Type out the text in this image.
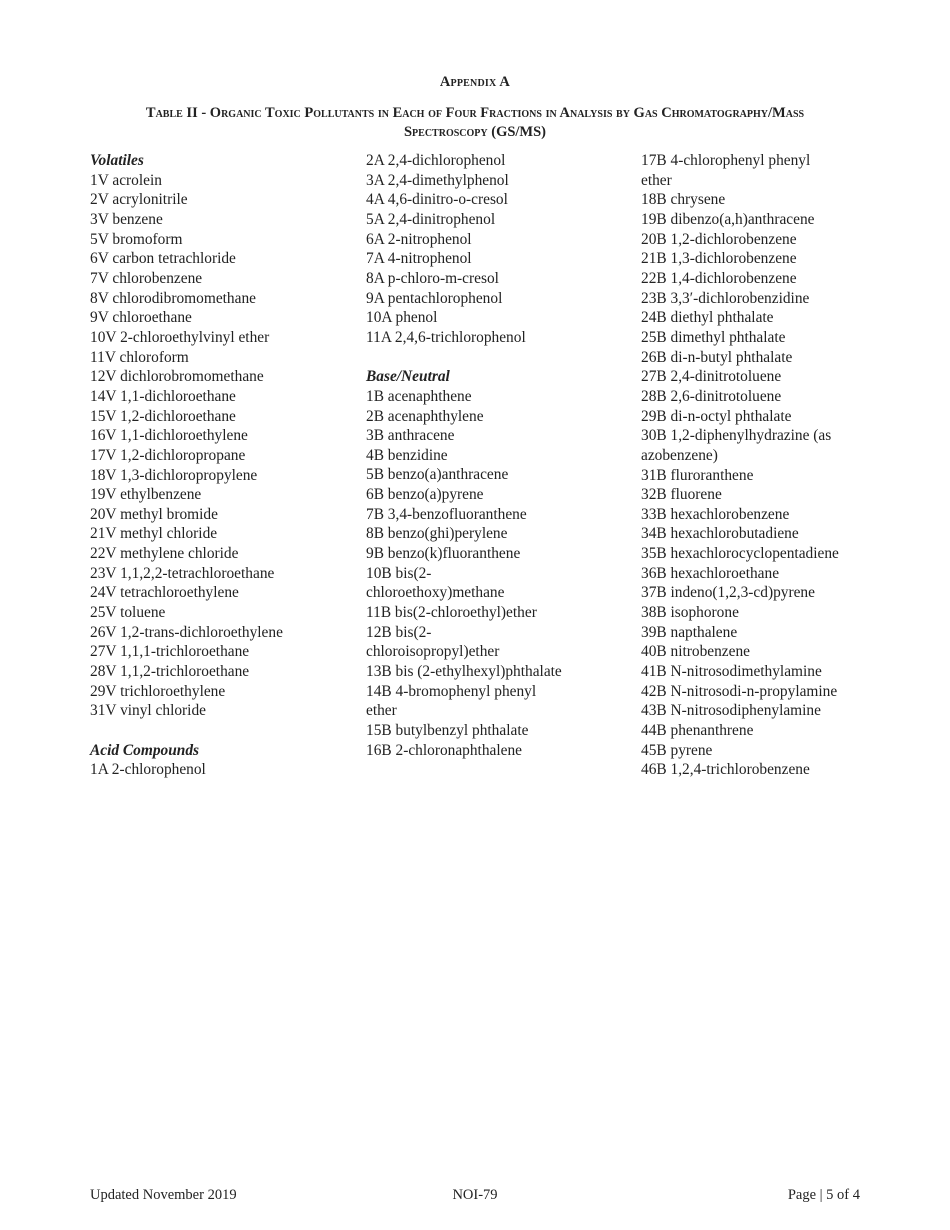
Appendix A
Table II - Organic Toxic Pollutants in Each of Four Fractions in Analysis by Gas Chromatography/Mass Spectroscopy (GS/MS)
Volatiles
1V acrolein
2V acrylonitrile
3V benzene
5V bromoform
6V carbon tetrachloride
7V chlorobenzene
8V chlorodibromomethane
9V chloroethane
10V 2-chloroethylvinyl ether
11V chloroform
12V dichlorobromomethane
14V 1,1-dichloroethane
15V 1,2-dichloroethane
16V 1,1-dichloroethylene
17V 1,2-dichloropropane
18V 1,3-dichloropropylene
19V ethylbenzene
20V methyl bromide
21V methyl chloride
22V methylene chloride
23V 1,1,2,2-tetrachloroethane
24V tetrachloroethylene
25V toluene
26V 1,2-trans-dichloroethylene
27V 1,1,1-trichloroethane
28V 1,1,2-trichloroethane
29V trichloroethylene
31V vinyl chloride
Acid Compounds
1A 2-chlorophenol
2A 2,4-dichlorophenol
3A 2,4-dimethylphenol
4A 4,6-dinitro-o-cresol
5A 2,4-dinitrophenol
6A 2-nitrophenol
7A 4-nitrophenol
8A p-chloro-m-cresol
9A pentachlorophenol
10A phenol
11A 2,4,6-trichlorophenol
Base/Neutral
1B acenaphthene
2B acenaphthylene
3B anthracene
4B benzidine
5B benzo(a)anthracene
6B benzo(a)pyrene
7B 3,4-benzofluoranthene
8B benzo(ghi)perylene
9B benzo(k)fluoranthene
10B bis(2-
chloroethoxy)methane
11B bis(2-chloroethyl)ether
12B bis(2-
chloroisopropyl)ether
13B bis (2-ethylhexyl)phthalate
14B 4-bromophenyl phenyl
ether
15B butylbenzyl phthalate
16B 2-chloronaphthalene
17B 4-chlorophenyl phenyl
ether
18B chrysene
19B dibenzo(a,h)anthracene
20B 1,2-dichlorobenzene
21B 1,3-dichlorobenzene
22B 1,4-dichlorobenzene
23B 3,3′-dichlorobenzidine
24B diethyl phthalate
25B dimethyl phthalate
26B di-n-butyl phthalate
27B 2,4-dinitrotoluene
28B 2,6-dinitrotoluene
29B di-n-octyl phthalate
30B 1,2-diphenylhydrazine (as
azobenzene)
31B fluroranthene
32B fluorene
33B hexachlorobenzene
34B hexachlorobutadiene
35B hexachlorocyclopentadiene
36B hexachloroethane
37B indeno(1,2,3-cd)pyrene
38B isophorone
39B napthalene
40B nitrobenzene
41B N-nitrosodimethylamine
42B N-nitrosodi-n-propylamine
43B N-nitrosodiphenylamine
44B phenanthrene
45B pyrene
46B 1,2,4-trichlorobenzene
Updated November 2019	NOI-79	Page | 5 of 4
